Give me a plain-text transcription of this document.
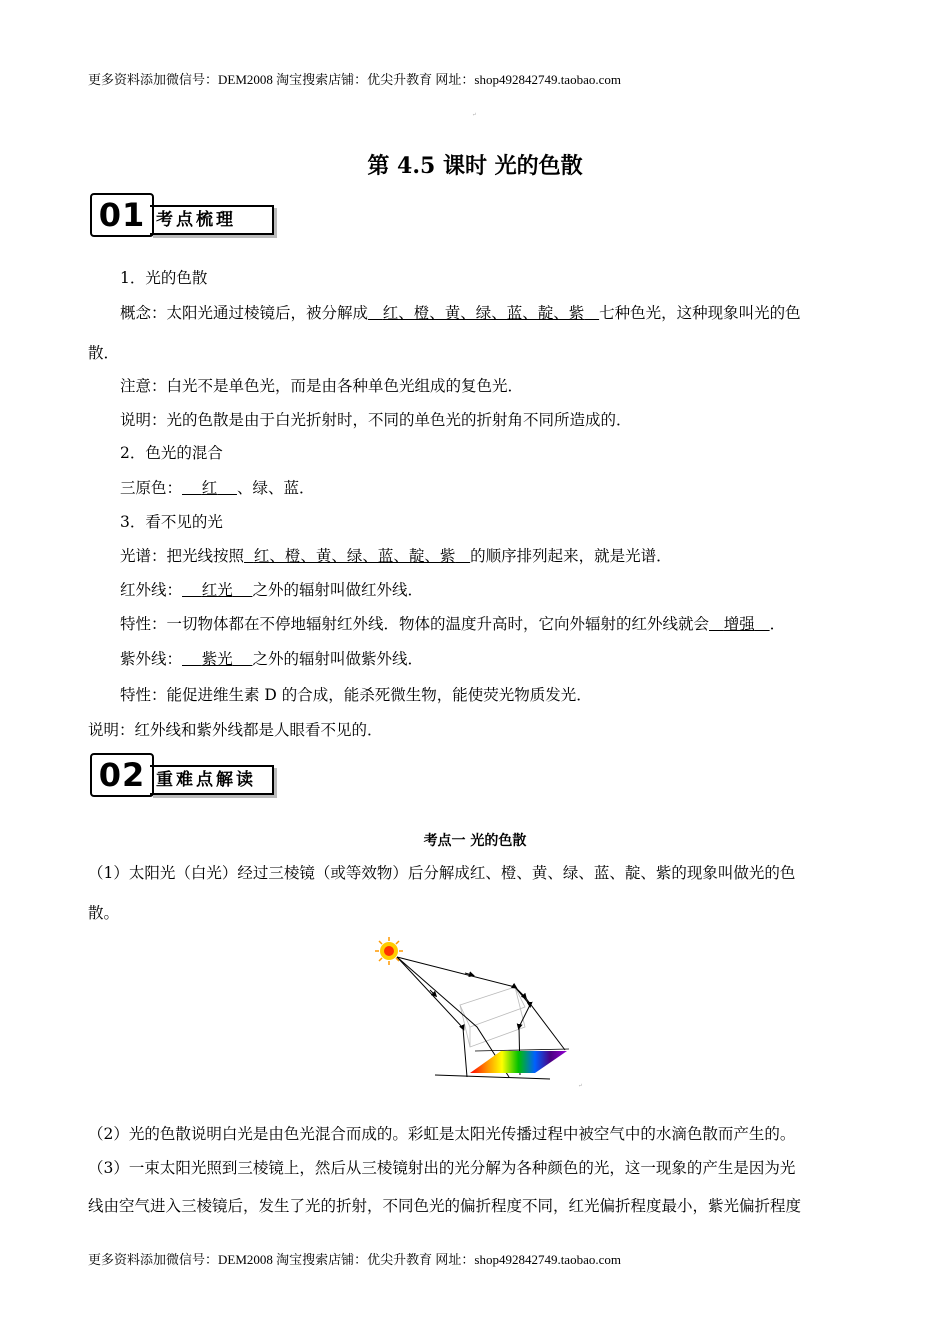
更多资料添加微信号：DEM2008 淘宝搜索店铺：优尖升教育 网址：shop492842749.taobao.com
↵
第 4.5 课时 光的色散
01 考点梳理
1．光的色散
概念：太阳光通过棱镜后，被分解成 红、橙、黄、绿、蓝、靛、紫 七种色光，这种现象叫光的色
散．
注意：白光不是单色光，而是由各种单色光组成的复色光．
说明：光的色散是由于白光折射时，不同的单色光的折射角不同所造成的．
2．色光的混合
三原色： 红 、绿、蓝．
3．看不见的光
光谱：把光线按照 红、橙、黄、绿、蓝、靛、紫 的顺序排列起来，就是光谱．
红外线： 红光 之外的辐射叫做红外线．
特性：一切物体都在不停地辐射红外线．物体的温度升高时，它向外辐射的红外线就会 增强 ．
紫外线： 紫光 之外的辐射叫做紫外线．
特性：能促进维生素 D 的合成，能杀死微生物，能使荧光物质发光．
说明：红外线和紫外线都是人眼看不见的．
02 重难点解读
考点一 光的色散
（1）太阳光（白光）经过三棱镜（或等效物）后分解成红、橙、黄、绿、蓝、靛、紫的现象叫做光的色
散。
↵
（2）光的色散说明白光是由色光混合而成的。彩虹是太阳光传播过程中被空气中的水滴色散而产生的。
（3）一束太阳光照到三棱镜上，然后从三棱镜射出的光分解为各种颜色的光，这一现象的产生是因为光
线由空气进入三棱镜后，发生了光的折射，不同色光的偏折程度不同，红光偏折程度最小，紫光偏折程度
更多资料添加微信号：DEM2008 淘宝搜索店铺：优尖升教育 网址：shop492842749.taobao.com
